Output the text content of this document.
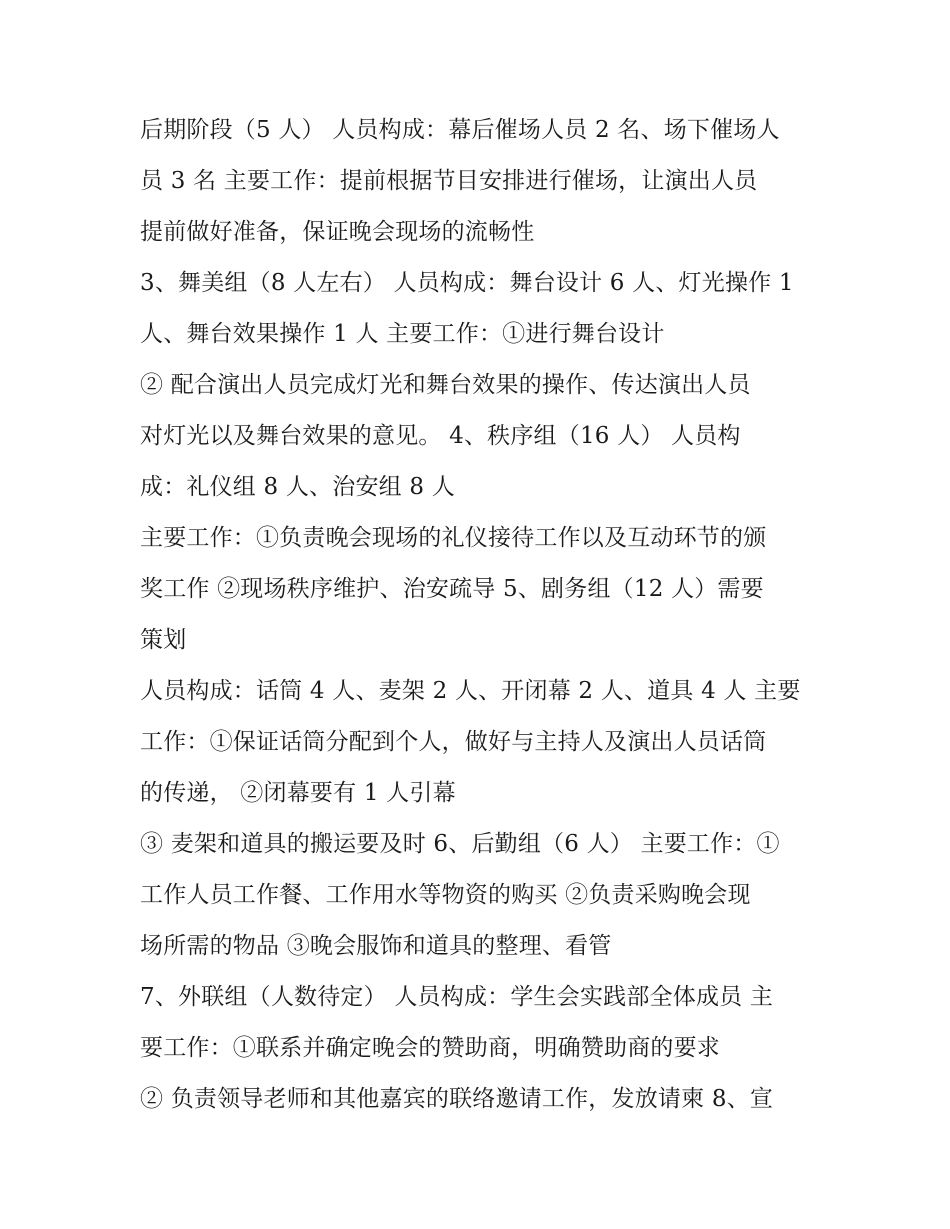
后期阶段（5 人） 人员构成：幕后催场人员 2 名、场下催场人
员 3 名 主要工作：提前根据节目安排进行催场，让演出人员
提前做好准备，保证晚会现场的流畅性
3、舞美组（8 人左右） 人员构成：舞台设计 6 人、灯光操作 1
人、舞台效果操作 1 人 主要工作：①进行舞台设计
② 配合演出人员完成灯光和舞台效果的操作、传达演出人员
对灯光以及舞台效果的意见。 4、秩序组（16 人） 人员构
成：礼仪组 8 人、治安组 8 人
主要工作：①负责晚会现场的礼仪接待工作以及互动环节的颁
奖工作 ②现场秩序维护、治安疏导 5、剧务组（12 人）需要
策划
人员构成：话筒 4 人、麦架 2 人、开闭幕 2 人、道具 4 人 主要
工作：①保证话筒分配到个人，做好与主持人及演出人员话筒
的传递， ②闭幕要有 1 人引幕
③ 麦架和道具的搬运要及时 6、后勤组（6 人） 主要工作：①
工作人员工作餐、工作用水等物资的购买 ②负责采购晚会现
场所需的物品 ③晚会服饰和道具的整理、看管
7、外联组（人数待定） 人员构成：学生会实践部全体成员 主
要工作：①联系并确定晚会的赞助商，明确赞助商的要求
② 负责领导老师和其他嘉宾的联络邀请工作，发放请柬 8、宣
